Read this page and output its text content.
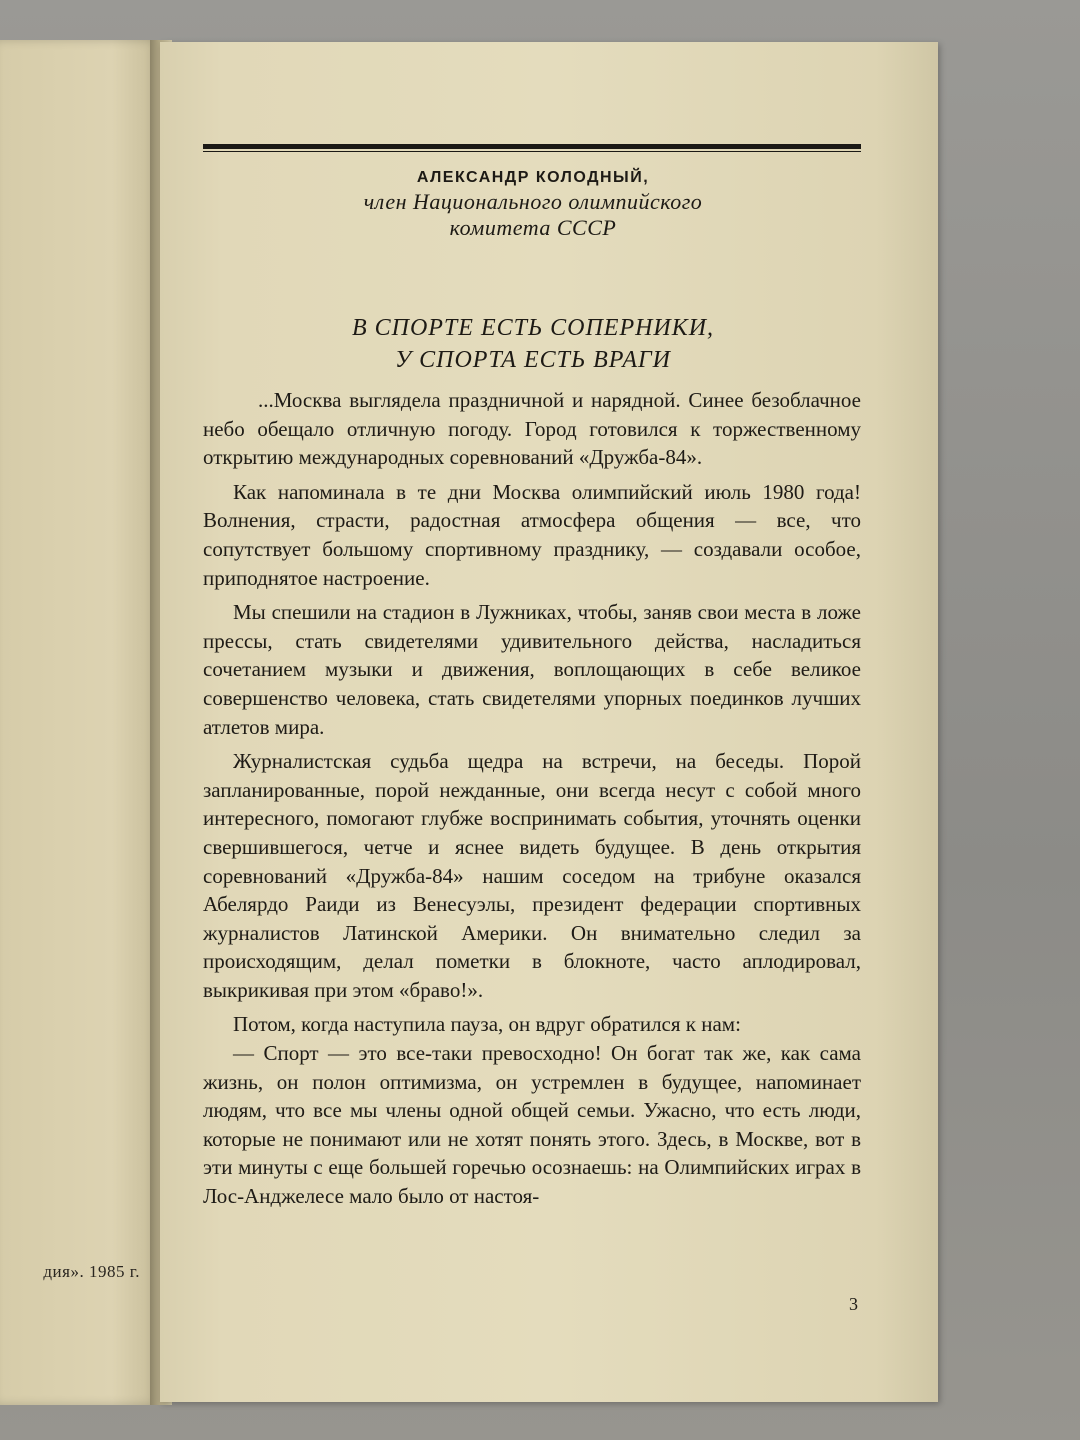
дия». 1985 г.
АЛЕКСАНДР КОЛОДНЫЙ,
член Национального олимпийского
комитета СССР
В СПОРТЕ ЕСТЬ СОПЕРНИКИ,
У СПОРТА ЕСТЬ ВРАГИ

...Москва выглядела праздничной и нарядной. Синее безоблачное небо обещало отличную погоду. Город готовился к торжественному открытию международных соревнований «Дружба-84».

Как напоминала в те дни Москва олимпийский июль 1980 года! Волнения, страсти, радостная атмосфера общения — все, что сопутствует большому спортивному празднику, — создавали особое, приподнятое настроение.

Мы спешили на стадион в Лужниках, чтобы, заняв свои места в ложе прессы, стать свидетелями удивительного действа, насладиться сочетанием музыки и движения, воплощающих в себе великое совершенство человека, стать свидетелями упорных поединков лучших атлетов мира.

Журналистская судьба щедра на встречи, на беседы. Порой запланированные, порой нежданные, они всегда несут с собой много интересного, помогают глубже воспринимать события, уточнять оценки свершившегося, четче и яснее видеть будущее. В день открытия соревнований «Дружба-84» нашим соседом на трибуне оказался Абелярдо Раиди из Венесуэлы, президент федерации спортивных журналистов Латинской Америки. Он внимательно следил за происходящим, делал пометки в блокноте, часто аплодировал, выкрикивая при этом «браво!».

Потом, когда наступила пауза, он вдруг обратился к нам:

— Спорт — это все-таки превосходно! Он богат так же, как сама жизнь, он полон оптимизма, он устремлен в будущее, напоминает людям, что все мы члены одной общей семьи. Ужасно, что есть люди, которые не понимают или не хотят понять этого. Здесь, в Москве, вот в эти минуты с еще большей горечью осознаешь: на Олимпийских играх в Лос-Анджелесе мало было от настоя-

3
